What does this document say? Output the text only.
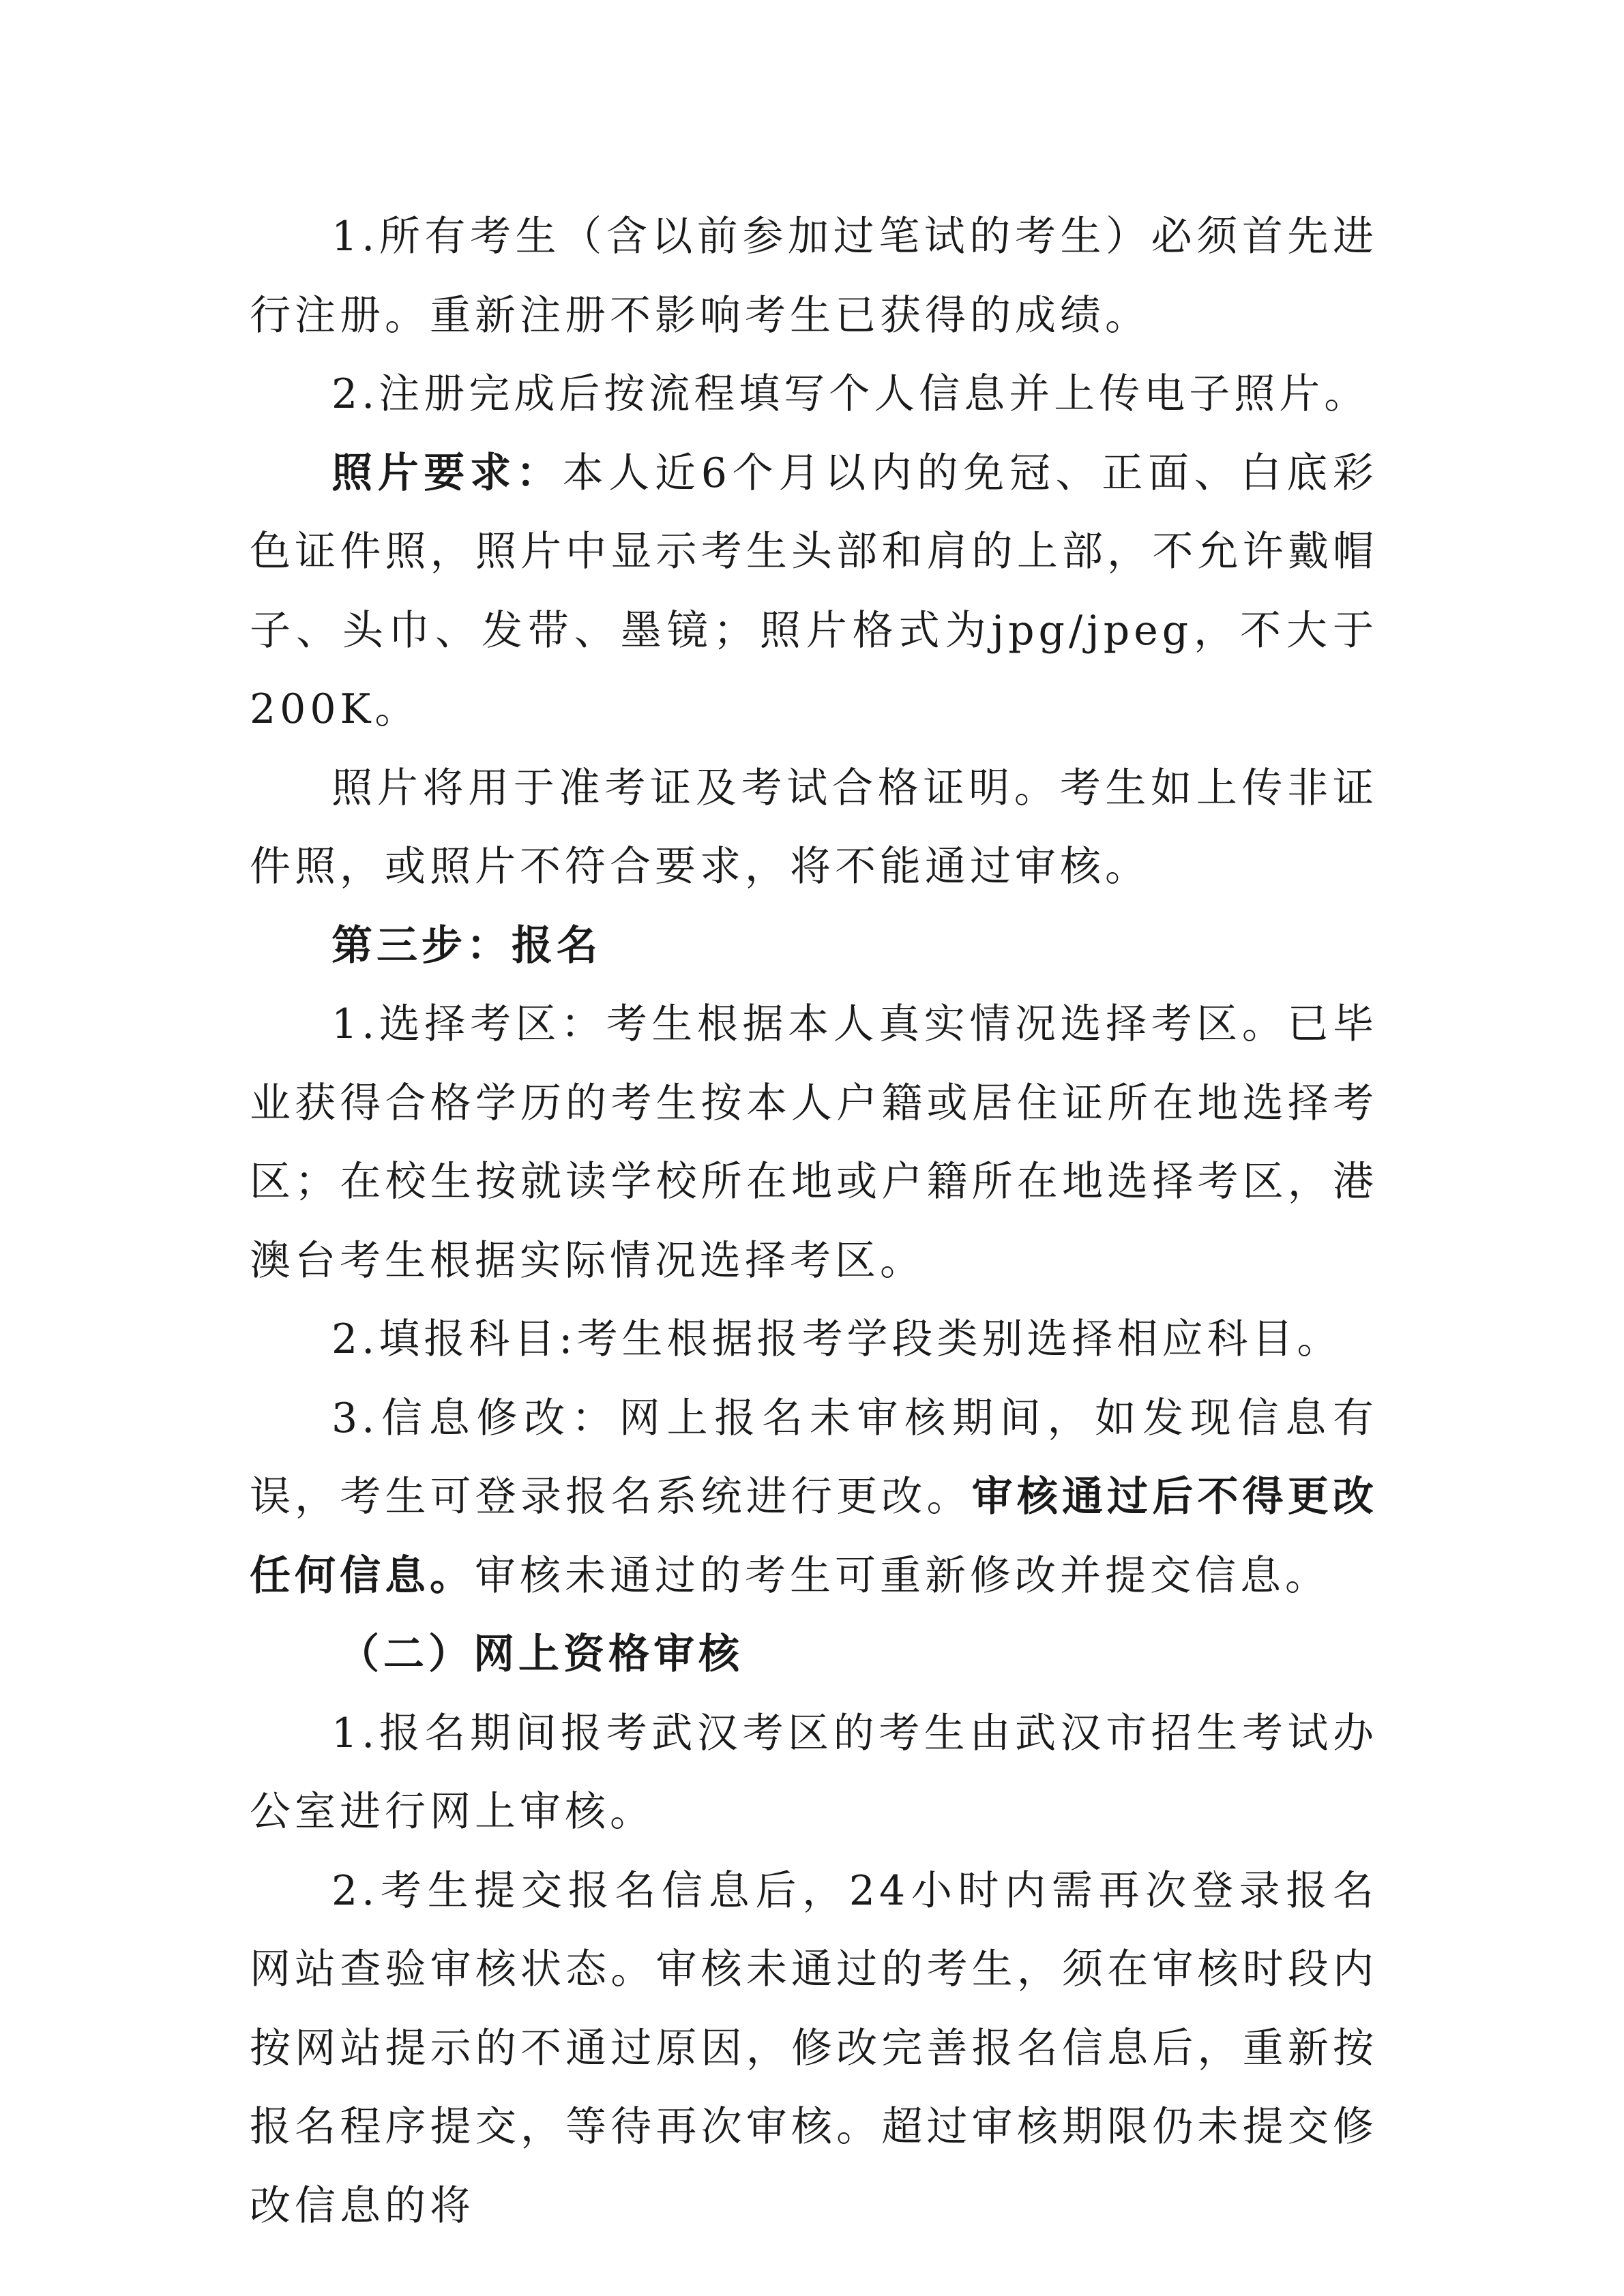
1.所有考生（含以前参加过笔试的考生）必须首先进行注册。重新注册不影响考生已获得的成绩。

2.注册完成后按流程填写个人信息并上传电子照片。

照片要求：本人近6个月以内的免冠、正面、白底彩色证件照，照片中显示考生头部和肩的上部，不允许戴帽子、头巾、发带、墨镜；照片格式为jpg/jpeg，不大于200K。

照片将用于准考证及考试合格证明。考生如上传非证件照，或照片不符合要求，将不能通过审核。

第三步：报名

1.选择考区：考生根据本人真实情况选择考区。已毕业获得合格学历的考生按本人户籍或居住证所在地选择考区；在校生按就读学校所在地或户籍所在地选择考区，港澳台考生根据实际情况选择考区。

2.填报科目:考生根据报考学段类别选择相应科目。

3.信息修改：网上报名未审核期间，如发现信息有误，考生可登录报名系统进行更改。审核通过后不得更改任何信息。审核未通过的考生可重新修改并提交信息。

（二）网上资格审核

1.报名期间报考武汉考区的考生由武汉市招生考试办公室进行网上审核。

2.考生提交报名信息后，24小时内需再次登录报名网站查验审核状态。审核未通过的考生，须在审核时段内按网站提示的不通过原因，修改完善报名信息后，重新按报名程序提交，等待再次审核。超过审核期限仍未提交修改信息的将
